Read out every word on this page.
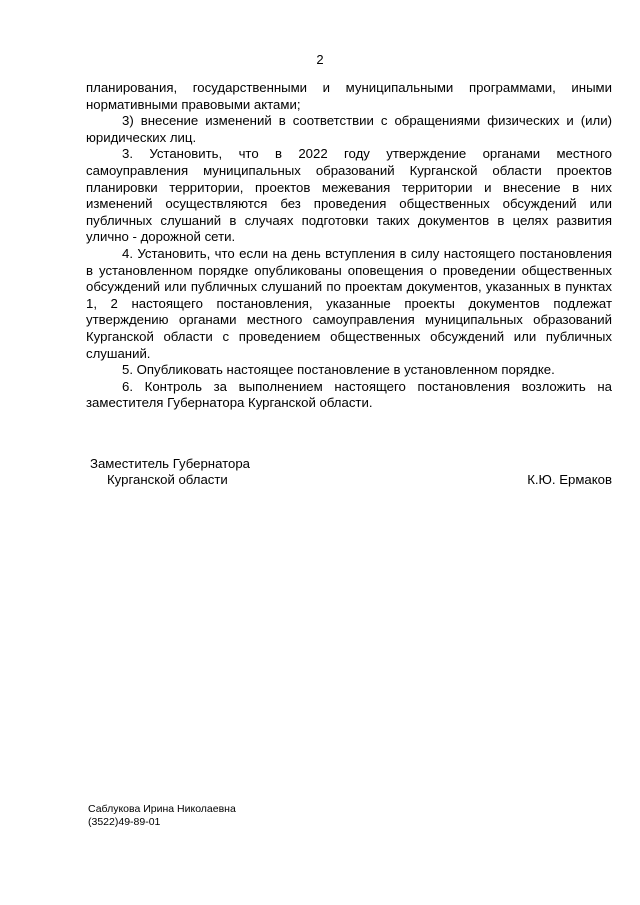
2

планирования, государственными и муниципальными программами, иными нормативными правовыми актами;

3) внесение изменений в соответствии с обращениями физических и (или) юридических лиц.

3. Установить, что в 2022 году утверждение органами местного самоуправления муниципальных образований Курганской области проектов планировки территории, проектов межевания территории и внесение в них изменений осуществляются без проведения общественных обсуждений или публичных слушаний в случаях подготовки таких документов в целях развития улично - дорожной сети.

4. Установить, что если на день вступления в силу настоящего постановления в установленном порядке опубликованы оповещения о проведении общественных обсуждений или публичных слушаний по проектам документов, указанных в пунктах 1, 2 настоящего постановления, указанные проекты документов подлежат утверждению органами местного самоуправления муниципальных образований Курганской области с проведением общественных обсуждений или публичных слушаний.

5. Опубликовать настоящее постановление в установленном порядке.

6. Контроль за выполнением настоящего постановления возложить на заместителя Губернатора Курганской области.

Заместитель Губернатора
Курганской области	К.Ю. Ермаков
Саблукова Ирина Николаевна
(3522)49-89-01
